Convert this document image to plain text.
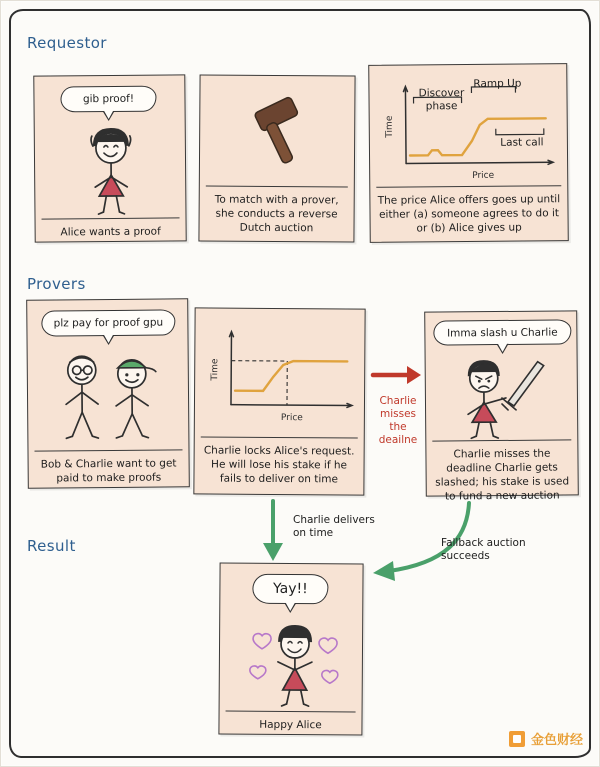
Requestor
Provers
Result
gib proof!
Alice wants a proof
To match with a prover, she conducts a reverse Dutch auction
Time
Price
Discover phase
Ramp Up
Last call
The price Alice offers goes up until either (a) someone agrees to do it or (b) Alice gives up
plz pay for proof gpu
Bob & Charlie want to get paid to make proofs
Time
Price
Charlie locks Alice's request. He will lose his stake if he fails to deliver on time
Imma slash u Charlie
Charlie misses the deadline Charlie gets slashed; his stake is used to fund a new auction
Charlie misses the deailne
Charlie delivers on time
Fallback auction succeeds
Yay!!
Happy Alice
金色财经
